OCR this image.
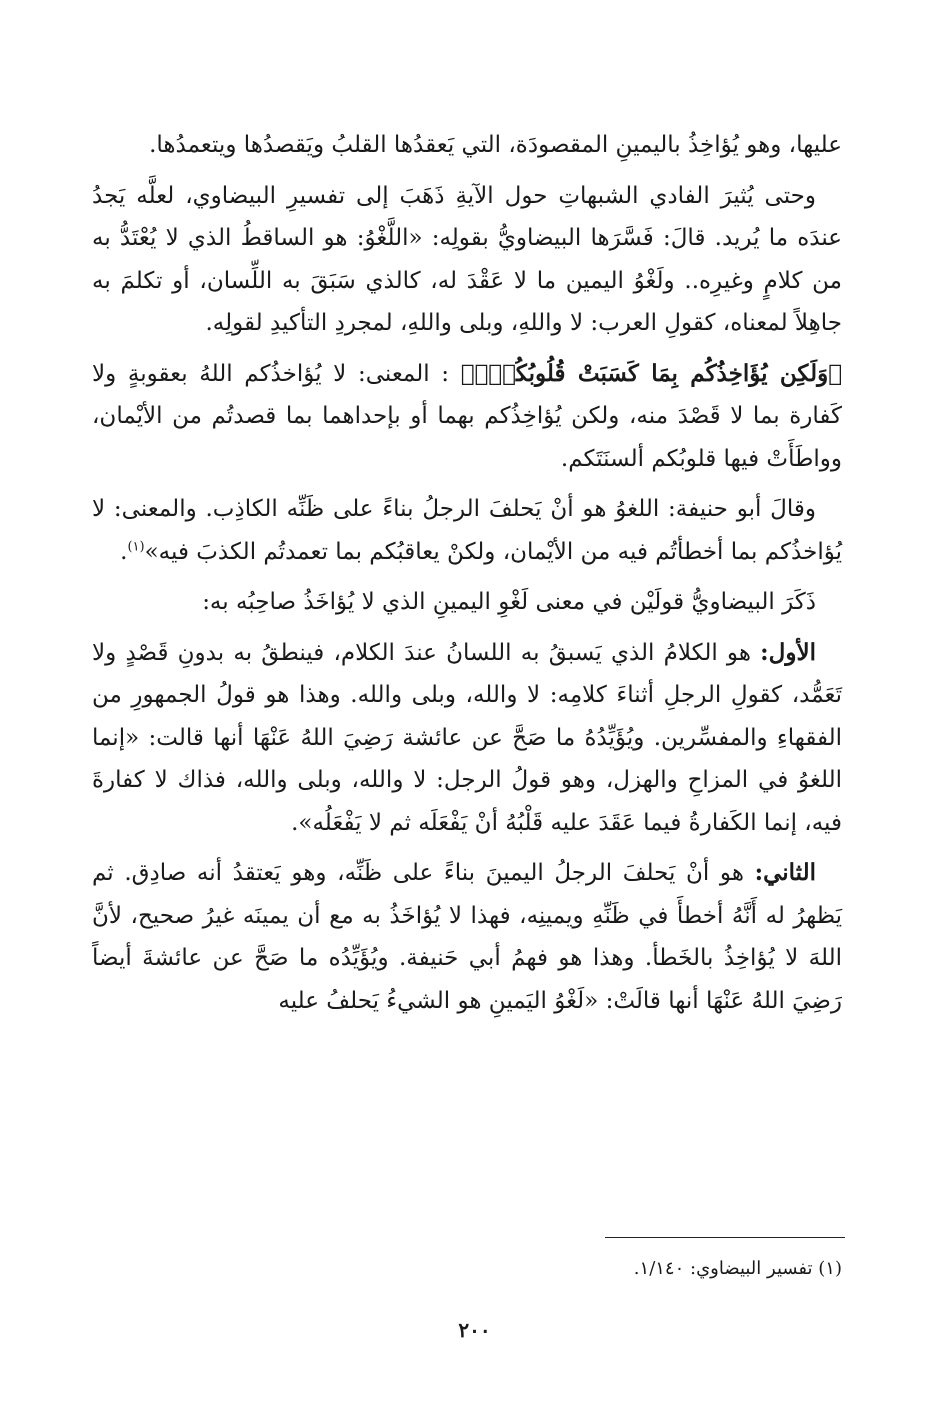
عليها، وهو يُؤاخِذُ باليمينِ المقصودَة، التي يَعقدُها القلبُ ويَقصدُها ويتعمدُها.

وحتى يُثيرَ الفادي الشبهاتِ حول الآيةِ ذَهَبَ إلى تفسيرِ البيضاوي، لعلَّه يَجدُ عندَه ما يُريد. قالَ: فَسَّرَها البيضاويُّ بقولِه: «اللَّغْوُ: هو الساقطُ الذي لا يُعْتَدُّ به من كلامٍ وغيرِه.. ولَغْوُ اليمين ما لا عَقْدَ له، كالذي سَبَقَ به اللِّسان، أو تكلمَ به جاهِلاً لمعناه، كقولِ العرب: لا واللهِ، وبلى واللهِ، لمجردِ التأكيدِ لقولِه.

﴿وَلَكِن يُؤَاخِذُكُم بِمَا كَسَبَتْ قُلُوبُكُمْۗ﴾ : المعنى: لا يُؤاخذُكم اللهُ بعقوبةٍ ولا كَفارة بما لا قَصْدَ منه، ولكن يُؤاخِذُكم بهما أو بإحداهما بما قصدتُم من الأيْمان، وواطَأَتْ فيها قلوبُكم ألسنَتَكم.

وقالَ أبو حنيفة: اللغوُ هو أنْ يَحلفَ الرجلُ بناءً على ظَنِّه الكاذِب. والمعنى: لا يُؤاخذُكم بما أخطأتُم فيه من الأيْمان، ولكنْ يعاقبُكم بما تعمدتُم الكذبَ فيه»$^{(١)}$.

ذَكَرَ البيضاويُّ قولَيْن في معنى لَغْوِ اليمينِ الذي لا يُؤاخَذُ صاحِبُه به:

الأول: هو الكلامُ الذي يَسبقُ به اللسانُ عندَ الكلام، فينطقُ به بدونِ قَصْدٍ ولا تَعَمُّد، كقولِ الرجلِ أثناءَ كلامِه: لا والله، وبلى والله. وهذا هو قولُ الجمهورِ من الفقهاءِ والمفسِّرين. ويُؤَيِّدُهُ ما صَحَّ عن عائشة رَضِيَ اللهُ عَنْهَا أنها قالت: «إنما اللغوُ في المزاحِ والهزل، وهو قولُ الرجل: لا والله، وبلى والله، فذاك لا كفارةَ فيه، إنما الكَفارةُ فيما عَقَدَ عليه قَلْبُهُ أنْ يَفْعَلَه ثم لا يَفْعَلُه».

الثاني: هو أنْ يَحلفَ الرجلُ اليمينَ بناءً على ظَنِّه، وهو يَعتقدُ أنه صادِق. ثم يَظهرُ له أَنَّهُ أخطأَ في ظَنِّهِ ويمينِه، فهذا لا يُؤاخَذُ به مع أن يمينَه غيرُ صحيح، لأنَّ اللهَ لا يُؤاخِذُ بالخَطأ. وهذا هو فهمُ أبي حَنيفة. ويُؤَيِّدُه ما صَحَّ عن عائشةَ أيضاً رَضِيَ اللهُ عَنْهَا أنها قالَتْ: «لَغْوُ اليَمينِ هو الشيءُ يَحلفُ عليه

(١) تفسير البيضاوي: ١/١٤٠.
٢٠٠
